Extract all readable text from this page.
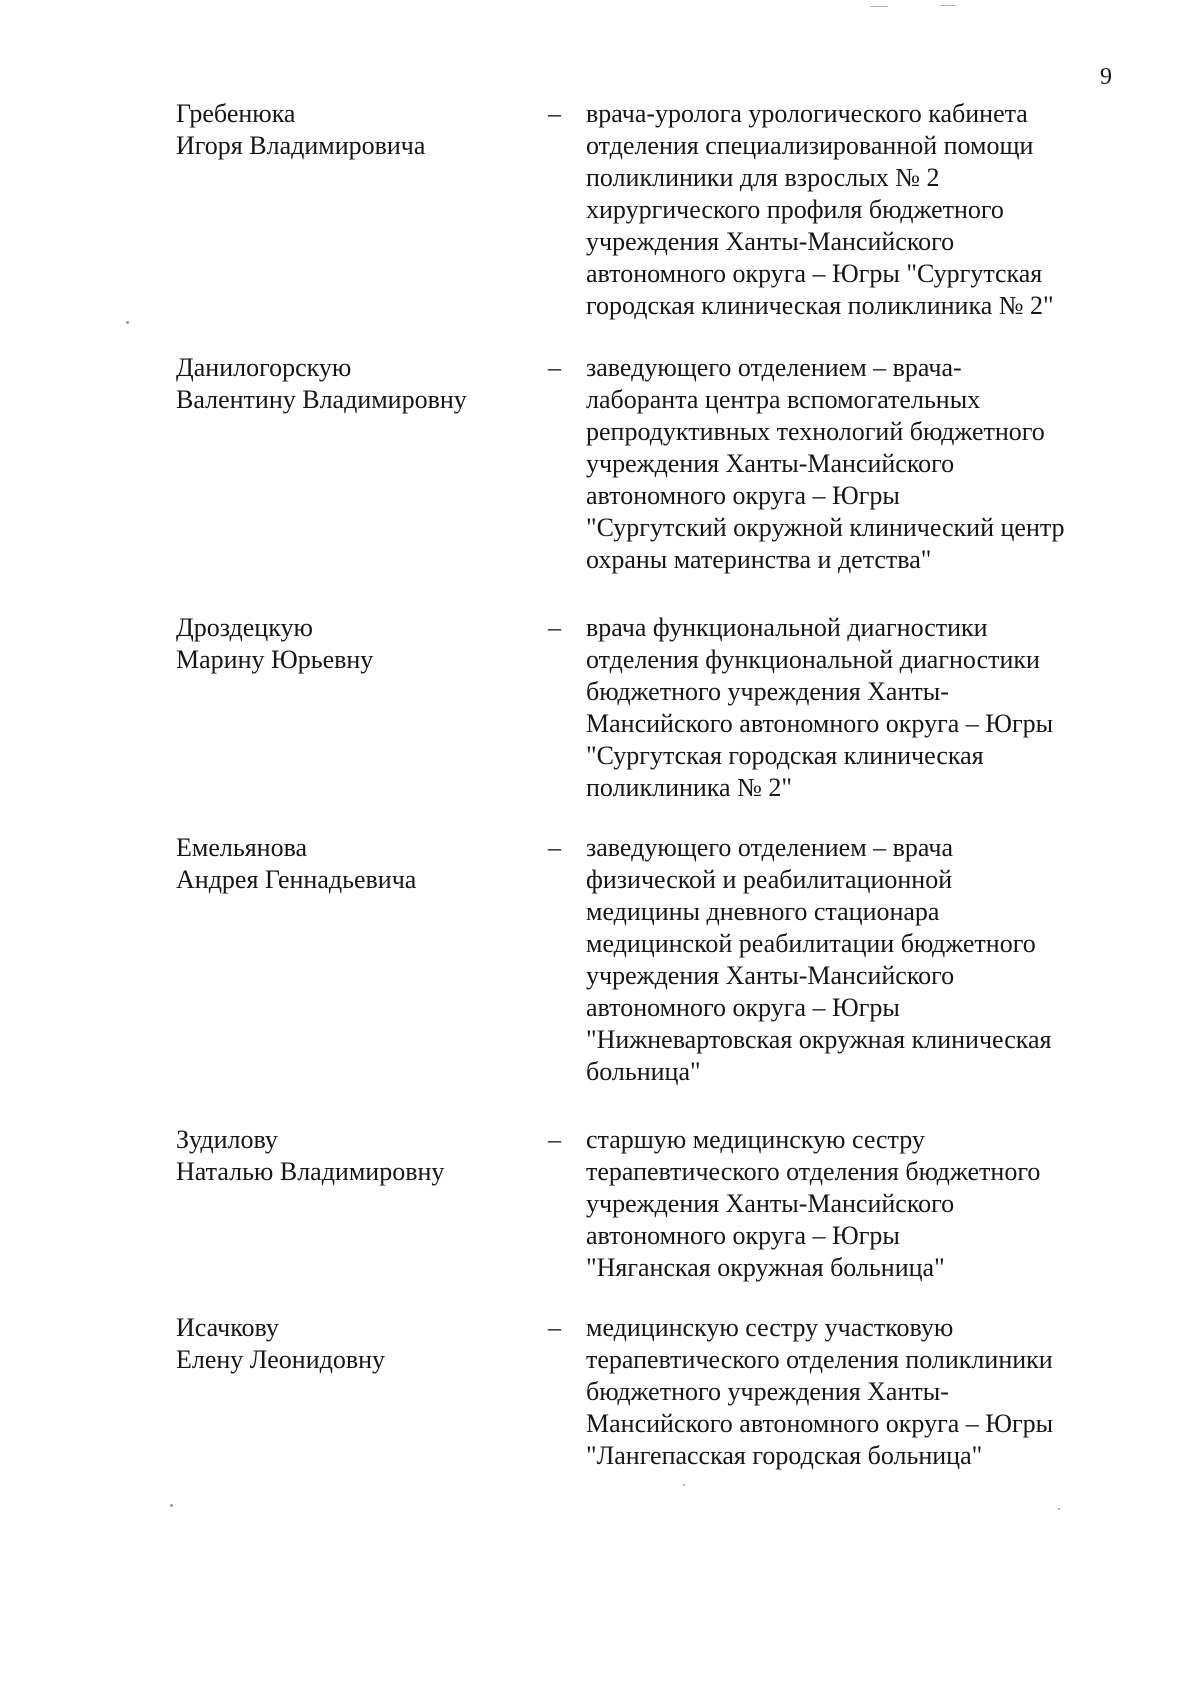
9
Гребенюка
Игоря Владимировича
– врача-уролога урологического кабинета
отделения специализированной помощи
поликлиники для взрослых № 2
хирургического профиля бюджетного
учреждения Ханты-Мансийского
автономного округа – Югры "Сургутская
городская клиническая поликлиника № 2"
Данилогорскую
Валентину Владимировну
– заведующего отделением – врача-
лаборанта центра вспомогательных
репродуктивных технологий бюджетного
учреждения Ханты-Мансийского
автономного округа – Югры
"Сургутский окружной клинический центр
охраны материнства и детства"
Дроздецкую
Марину Юрьевну
– врача функциональной диагностики
отделения функциональной диагностики
бюджетного учреждения Ханты-
Мансийского автономного округа – Югры
"Сургутская городская клиническая
поликлиника № 2"
Емельянова
Андрея Геннадьевича
– заведующего отделением – врача
физической и реабилитационной
медицины дневного стационара
медицинской реабилитации бюджетного
учреждения Ханты-Мансийского
автономного округа – Югры
"Нижневартовская окружная клиническая
больница"
Зудилову
Наталью Владимировну
– старшую медицинскую сестру
терапевтического отделения бюджетного
учреждения Ханты-Мансийского
автономного округа – Югры
"Няганская окружная больница"
Исачкову
Елену Леонидовну
– медицинскую сестру участковую
терапевтического отделения поликлиники
бюджетного учреждения Ханты-
Мансийского автономного округа – Югры
"Лангепасская городская больница"
